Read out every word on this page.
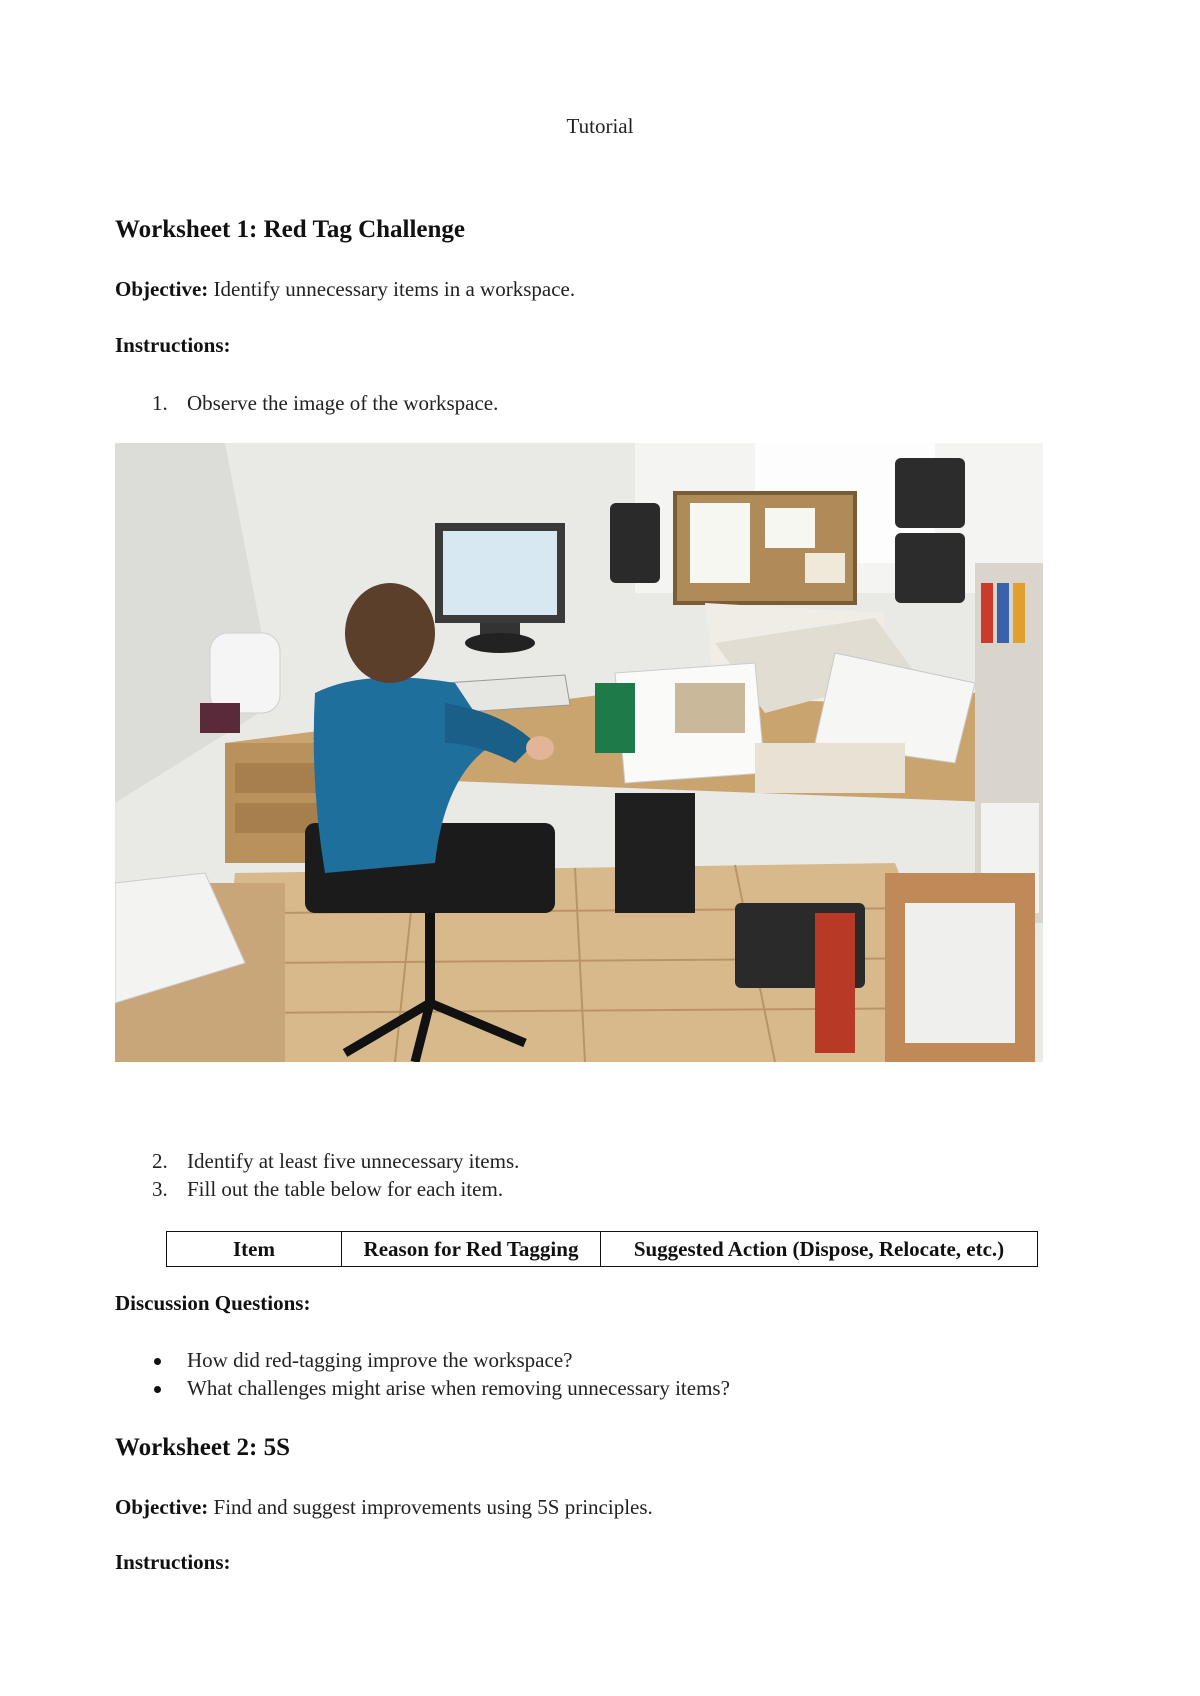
Tutorial
Worksheet 1: Red Tag Challenge

Objective: Identify unnecessary items in a workspace.

Instructions:

1. Observe the image of the workspace.
2. Identify at least five unnecessary items.
3. Fill out the table below for each item.
Item	Reason for Red Tagging	Suggested Action (Dispose, Relocate, etc.)

Discussion Questions:

How did red-tagging improve the workspace?
What challenges might arise when removing unnecessary items?
Worksheet 2: 5S

Objective: Find and suggest improvements using 5S principles.

Instructions:
